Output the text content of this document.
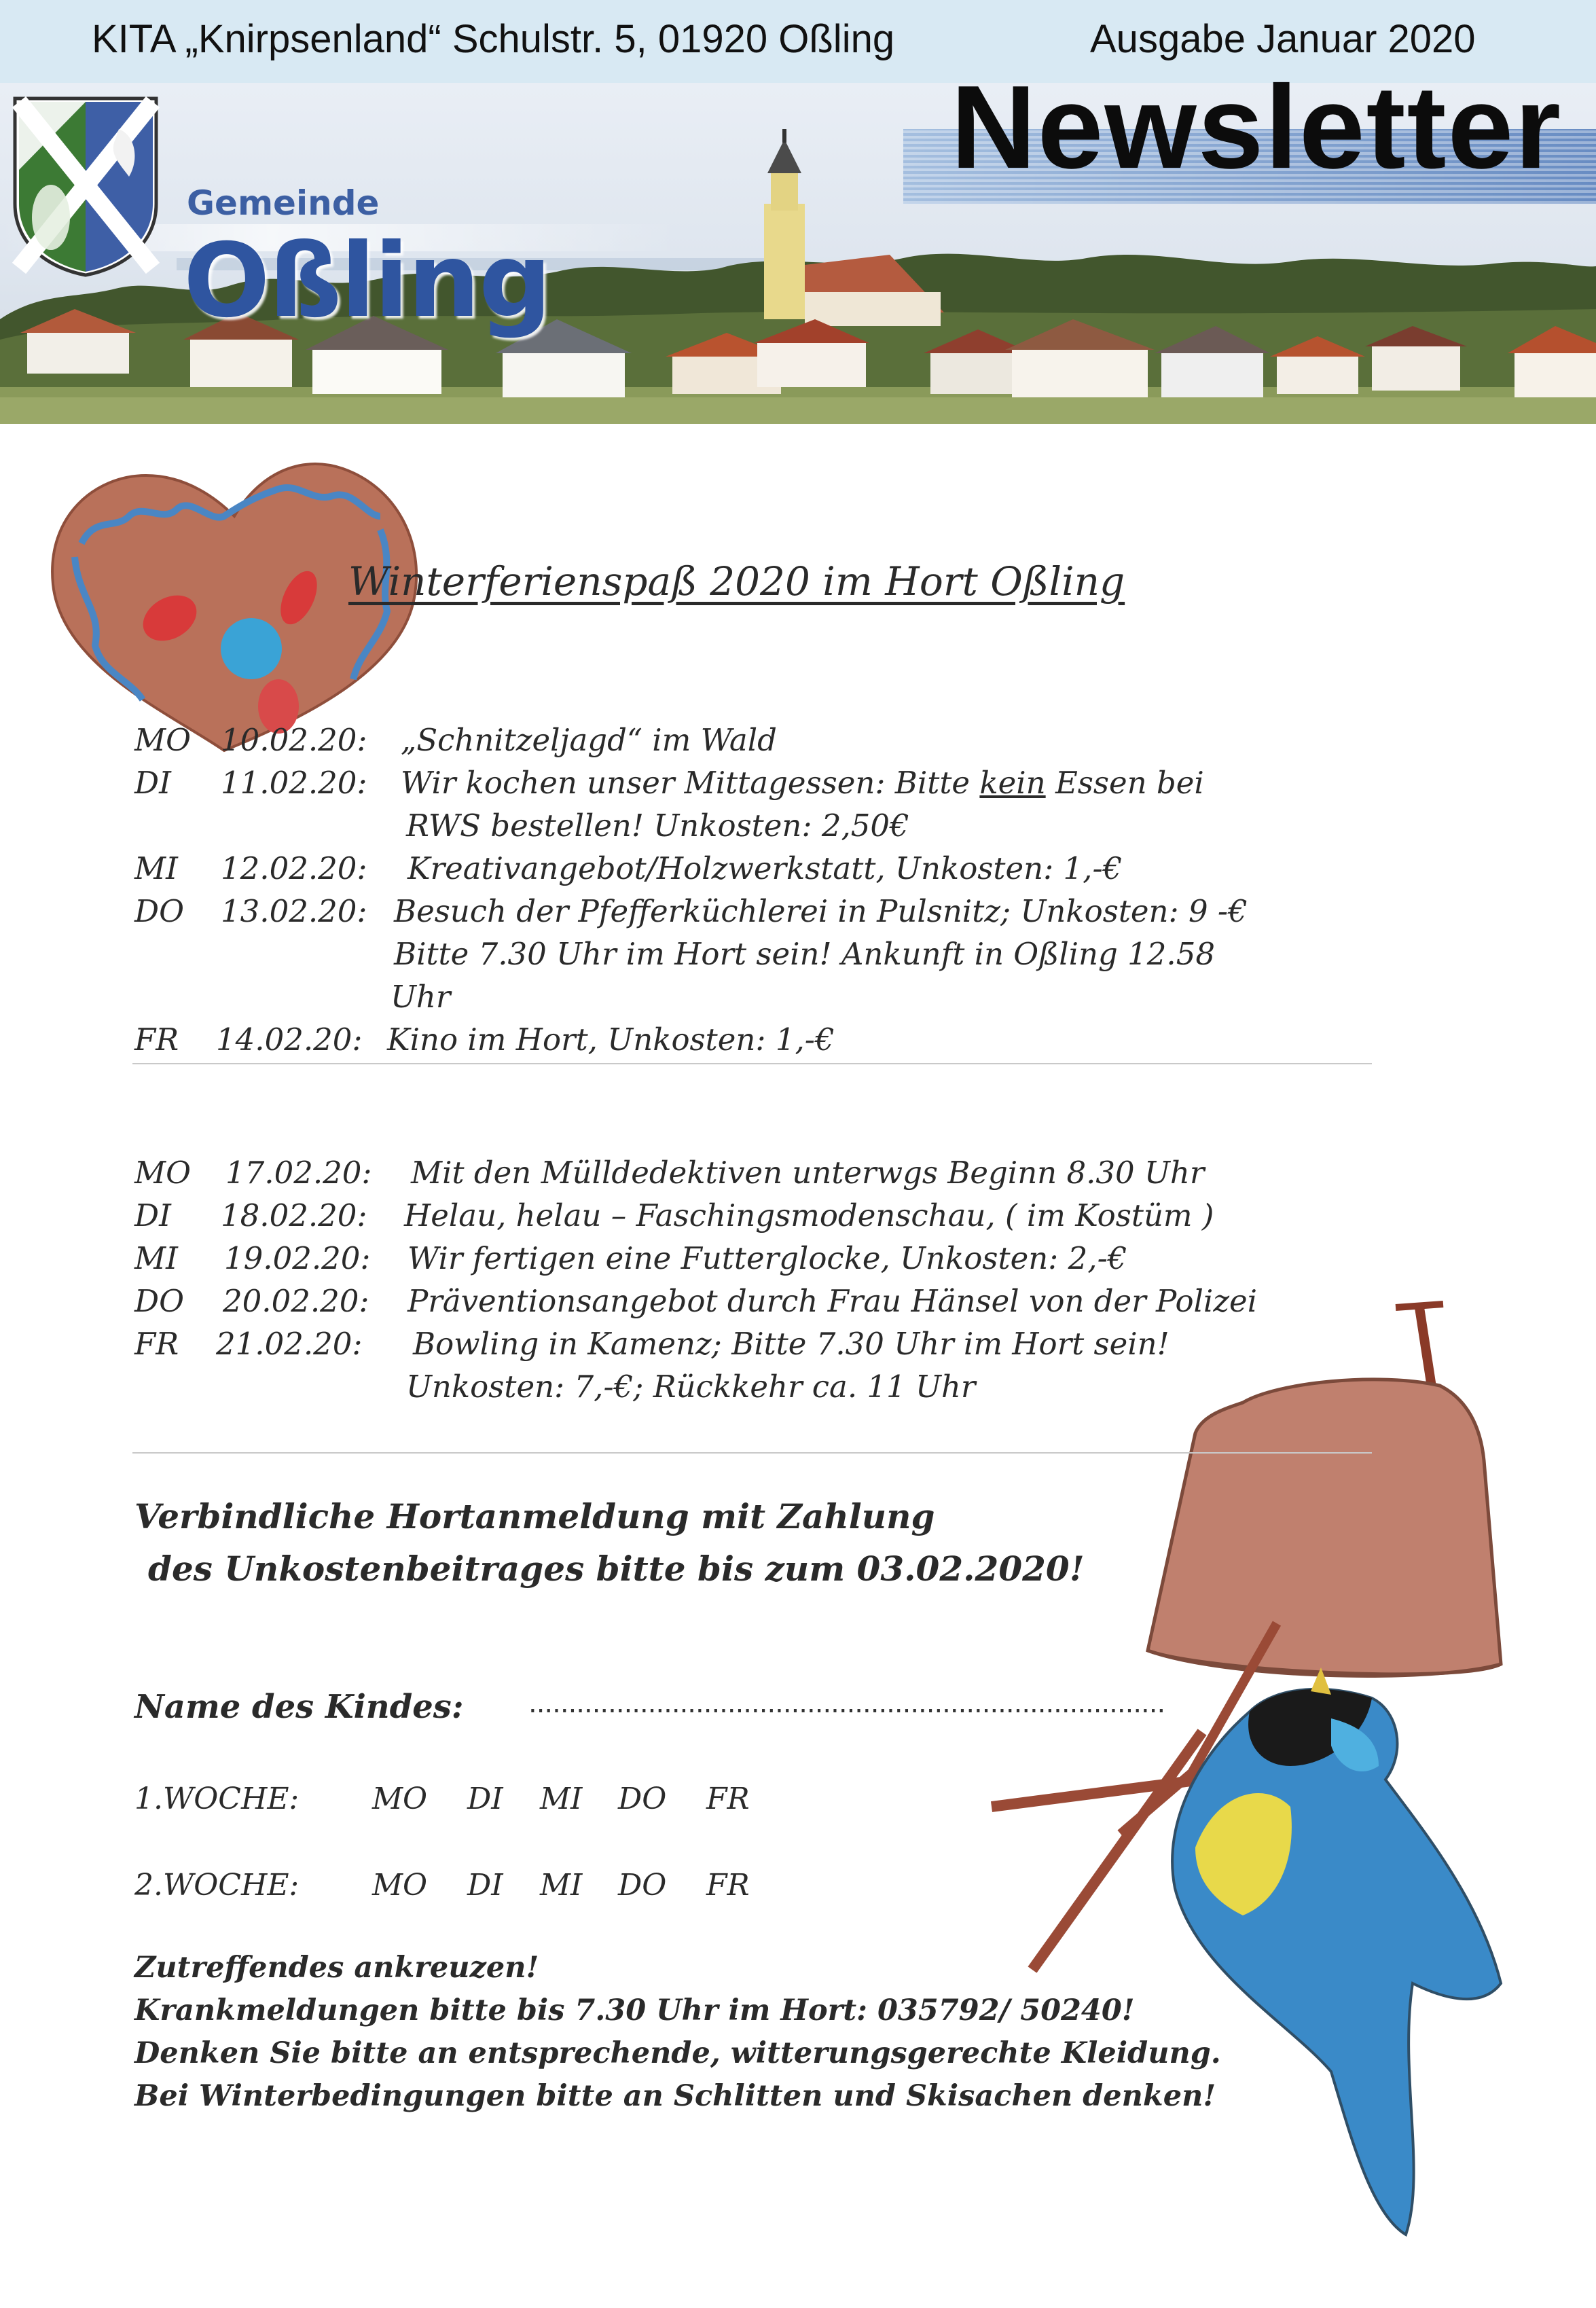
KITA „Knirpsenland“ Schulstr. 5, 01920 Oßling	Ausgabe Januar 2020
Gemeinde
Oßling
Newsletter
Winterferienspaß 2020 im Hort Oßling
MO 10.02.20: „Schnitzeljagd“ im Wald
DI 11.02.20: Wir kochen unser Mittagessen: Bitte kein Essen bei
RWS bestellen! Unkosten: 2,50€
MI 12.02.20: Kreativangebot/Holzwerkstatt, Unkosten: 1,-€
DO 13.02.20: Besuch der Pfefferküchlerei in Pulsnitz; Unkosten: 9 -€
Bitte 7.30 Uhr im Hort sein! Ankunft in Oßling 12.58
Uhr
FR 14.02.20: Kino im Hort, Unkosten: 1,-€
MO 17.02.20: Mit den Mülldedektiven unterwgs Beginn 8.30 Uhr
DI 18.02.20: Helau, helau – Faschingsmodenschau, ( im Kostüm )
MI 19.02.20: Wir fertigen eine Futterglocke, Unkosten: 2,-€
DO 20.02.20: Präventionsangebot durch Frau Hänsel von der Polizei
FR 21.02.20: Bowling in Kamenz; Bitte 7.30 Uhr im Hort sein!
Unkosten: 7,-€; Rückkehr ca. 11 Uhr
Verbindliche Hortanmeldung mit Zahlung
des Unkostenbeitrages bitte bis zum 03.02.2020!
Name des Kindes: ................................................................................
1.WOCHE: MO DI MI DO FR
2.WOCHE: MO DI MI DO FR
Zutreffendes ankreuzen!
Krankmeldungen bitte bis 7.30 Uhr im Hort: 035792/ 50240!
Denken Sie bitte an entsprechende, witterungsgerechte Kleidung.
Bei Winterbedingungen bitte an Schlitten und Skisachen denken!
